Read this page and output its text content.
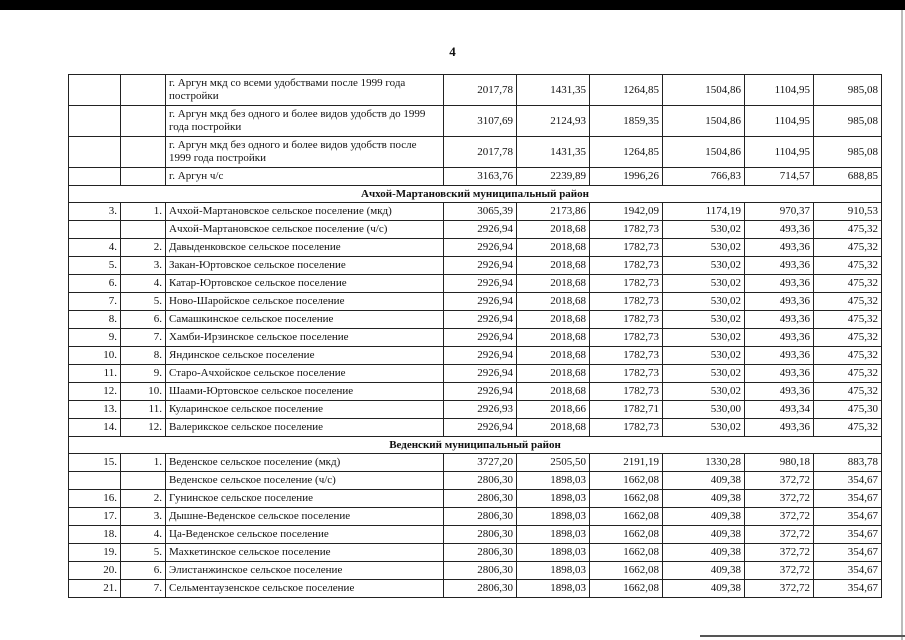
4
		г. Аргун мкд со всеми удобствами после 1999 года постройки	2017,78	1431,35	1264,85	1504,86	1104,95	985,08
		г. Аргун мкд без одного и более видов удобств до 1999 года постройки	3107,69	2124,93	1859,35	1504,86	1104,95	985,08
		г. Аргун мкд без одного и более видов удобств после 1999 года постройки	2017,78	1431,35	1264,85	1504,86	1104,95	985,08
		г. Аргун ч/с	3163,76	2239,89	1996,26	766,83	714,57	688,85
Ачхой-Мартановский муниципальный район								
3.	1.	Ачхой-Мартановское сельское поселение (мкд)	3065,39	2173,86	1942,09	1174,19	970,37	910,53
		Ачхой-Мартановское сельское поселение (ч/с)	2926,94	2018,68	1782,73	530,02	493,36	475,32
4.	2.	Давыденковское сельское поселение	2926,94	2018,68	1782,73	530,02	493,36	475,32
5.	3.	Закан-Юртовское сельское поселение	2926,94	2018,68	1782,73	530,02	493,36	475,32
6.	4.	Катар-Юртовское сельское поселение	2926,94	2018,68	1782,73	530,02	493,36	475,32
7.	5.	Ново-Шаройское сельское поселение	2926,94	2018,68	1782,73	530,02	493,36	475,32
8.	6.	Самашкинское сельское поселение	2926,94	2018,68	1782,73	530,02	493,36	475,32
9.	7.	Хамби-Ирзинское сельское поселение	2926,94	2018,68	1782,73	530,02	493,36	475,32
10.	8.	Яндинское сельское поселение	2926,94	2018,68	1782,73	530,02	493,36	475,32
11.	9.	Старо-Ачхойское сельское поселение	2926,94	2018,68	1782,73	530,02	493,36	475,32
12.	10.	Шаами-Юртовское сельское поселение	2926,94	2018,68	1782,73	530,02	493,36	475,32
13.	11.	Кулаpинское сельское поселение	2926,93	2018,66	1782,71	530,00	493,34	475,30
14.	12.	Валерикское сельское поселение	2926,94	2018,68	1782,73	530,02	493,36	475,32
Веденский муниципальный район								
15.	1.	Веденское сельское поселение (мкд)	3727,20	2505,50	2191,19	1330,28	980,18	883,78
		Веденское сельское поселение (ч/с)	2806,30	1898,03	1662,08	409,38	372,72	354,67
16.	2.	Гунинское сельское поселение	2806,30	1898,03	1662,08	409,38	372,72	354,67
17.	3.	Дышне-Веденское сельское поселение	2806,30	1898,03	1662,08	409,38	372,72	354,67
18.	4.	Ца-Веденское сельское поселение	2806,30	1898,03	1662,08	409,38	372,72	354,67
19.	5.	Махкетинское сельское поселение	2806,30	1898,03	1662,08	409,38	372,72	354,67
20.	6.	Элистанжинское сельское поселение	2806,30	1898,03	1662,08	409,38	372,72	354,67
21.	7.	Сельментаузенское сельское поселение	2806,30	1898,03	1662,08	409,38	372,72	354,67
